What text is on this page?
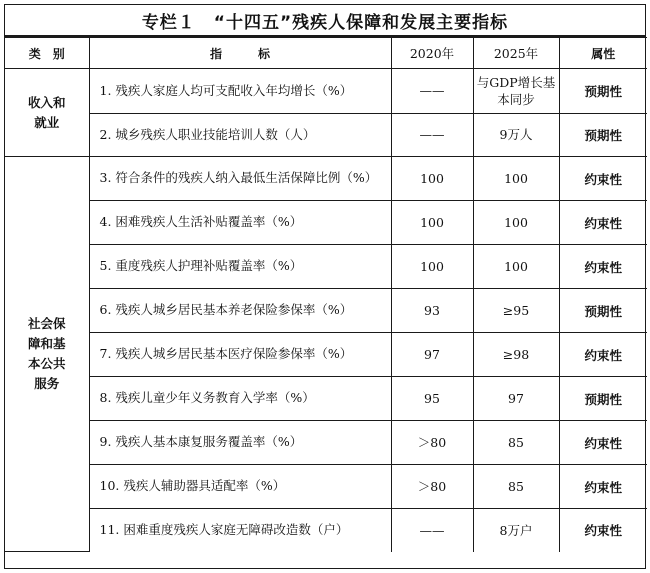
专栏１　“十四五”残疾人保障和发展主要指标
类　别	指　　　标	2020年	2025年	属性

收入和
就业	1. 残疾人家庭人均可支配收入年均增长（%）	——	与GDP增长基本同步	预期性
	2. 城乡残疾人职业技能培训人数（人）	——	9万人	预期性

社会保
障和基
本公共
服务	3. 符合条件的残疾人纳入最低生活保障比例（%）	100	100	约束性
	4. 困难残疾人生活补贴覆盖率（%）	100	100	约束性
	5. 重度残疾人护理补贴覆盖率（%）	100	100	约束性
	6. 残疾人城乡居民基本养老保险参保率（%）	93	≥95	预期性
	7. 残疾人城乡居民基本医疗保险参保率（%）	97	≥98	约束性
	8. 残疾儿童少年义务教育入学率（%）	95	97	预期性
	9. 残疾人基本康复服务覆盖率（%）	＞80	85	约束性
	10. 残疾人辅助器具适配率（%）	＞80	85	约束性
	11. 困难重度残疾人家庭无障碍改造数（户）	——	8万户	约束性
